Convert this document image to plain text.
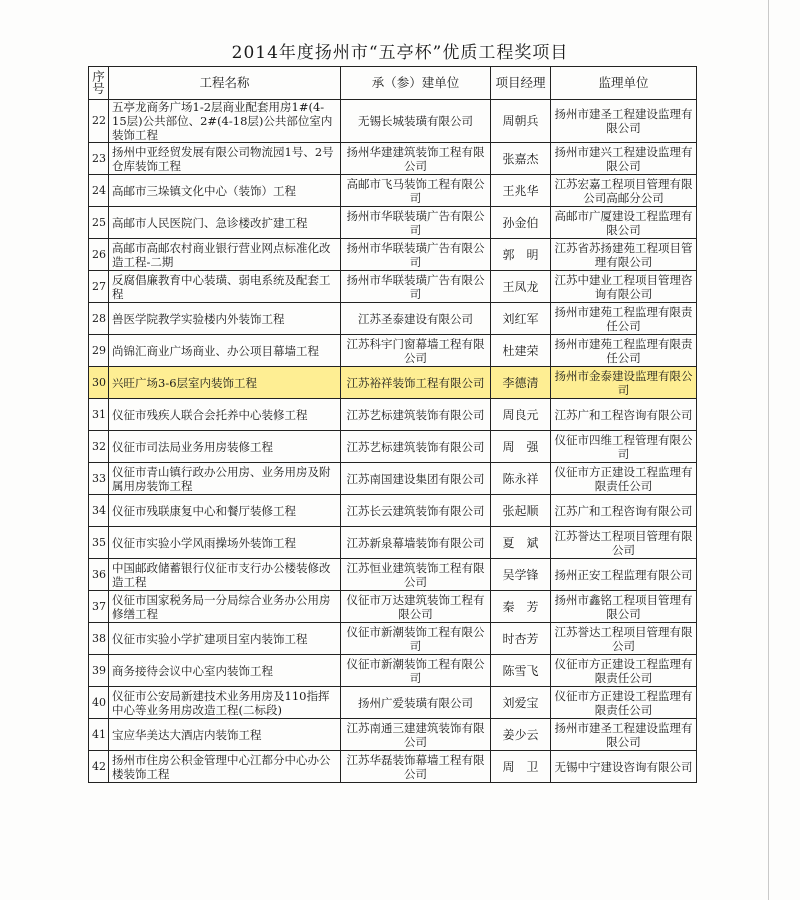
2014年度扬州市“五亭杯”优质工程奖项目
序号	工程名称	承（参）建单位	项目经理	监理单位
22	五亭龙商务广场1-2层商业配套用房1#(4-15层)公共部位、2#(4-18层)公共部位室内装饰工程	无锡长城装璜有限公司	周朝兵	扬州市建圣工程建设监理有限公司
23	扬州中亚经贸发展有限公司物流园1号、2号仓库装饰工程	扬州华建建筑装饰工程有限公司	张嘉杰	扬州市建兴工程建设监理有限公司
24	高邮市三垛镇文化中心（装饰）工程	高邮市飞马装饰工程有限公司	王兆华	江苏宏嘉工程项目管理有限公司高邮分公司
25	高邮市人民医院门、急诊楼改扩建工程	扬州市华联装璜广告有限公司	孙金伯	高邮市广厦建设工程监理有限公司
26	高邮市高邮农村商业银行营业网点标准化改造工程-二期	扬州市华联装璜广告有限公司	郭　明	江苏省苏扬建苑工程项目管理有限公司
27	反腐倡廉教育中心装璜、弱电系统及配套工程	扬州市华联装璜广告有限公司	王凤龙	江苏中建业工程项目管理咨询有限公司
28	兽医学院教学实验楼内外装饰工程	江苏圣泰建设有限公司	刘红军	扬州市建苑工程监理有限责任公司
29	尚锦汇商业广场商业、办公项目幕墙工程	江苏科宇门窗幕墙工程有限公司	杜建荣	扬州市建苑工程监理有限责任公司
30	兴旺广场3-6层室内装饰工程	江苏裕祥装饰工程有限公司	李德清	扬州市金泰建设监理有限公司
31	仪征市残疾人联合会托养中心装修工程	江苏艺标建筑装饰有限公司	周良元	江苏广和工程咨询有限公司
32	仪征市司法局业务用房装修工程	江苏艺标建筑装饰有限公司	周　强	仪征市四维工程管理有限公司
33	仪征市青山镇行政办公用房、业务用房及附属用房装饰工程	江苏南国建设集团有限公司	陈永祥	仪征市方正建设工程监理有限责任公司
34	仪征市残联康复中心和餐厅装修工程	江苏长云建筑装饰有限公司	张起顺	江苏广和工程咨询有限公司
35	仪征市实验小学风雨操场外装饰工程	江苏新泉幕墙装饰有限公司	夏　斌	江苏誉达工程项目管理有限公司
36	中国邮政储蓄银行仪征市支行办公楼装修改造工程	江苏恒业建筑装饰工程有限公司	吴学锋	扬州正安工程监理有限公司
37	仪征市国家税务局一分局综合业务办公用房修缮工程	仪征市万达建筑装饰工程有限公司	秦　芳	扬州市鑫铭工程项目管理有限公司
38	仪征市实验小学扩建项目室内装饰工程	仪征市新潮装饰工程有限公司	时杏芳	江苏誉达工程项目管理有限公司
39	商务接待会议中心室内装饰工程	仪征市新潮装饰工程有限公司	陈雪飞	仪征市方正建设工程监理有限责任公司
40	仪征市公安局新建技术业务用房及110指挥中心等业务用房改造工程(二标段)	扬州广爱装璜有限公司	刘爱宝	仪征市方正建设工程监理有限责任公司
41	宝应华美达大酒店内装饰工程	江苏南通三建建筑装饰有限公司	姜少云	扬州市建圣工程建设监理有限公司
42	扬州市住房公积金管理中心江都分中心办公楼装饰工程	江苏华磊装饰幕墙工程有限公司	周　卫	无锡中宁建设咨询有限公司
